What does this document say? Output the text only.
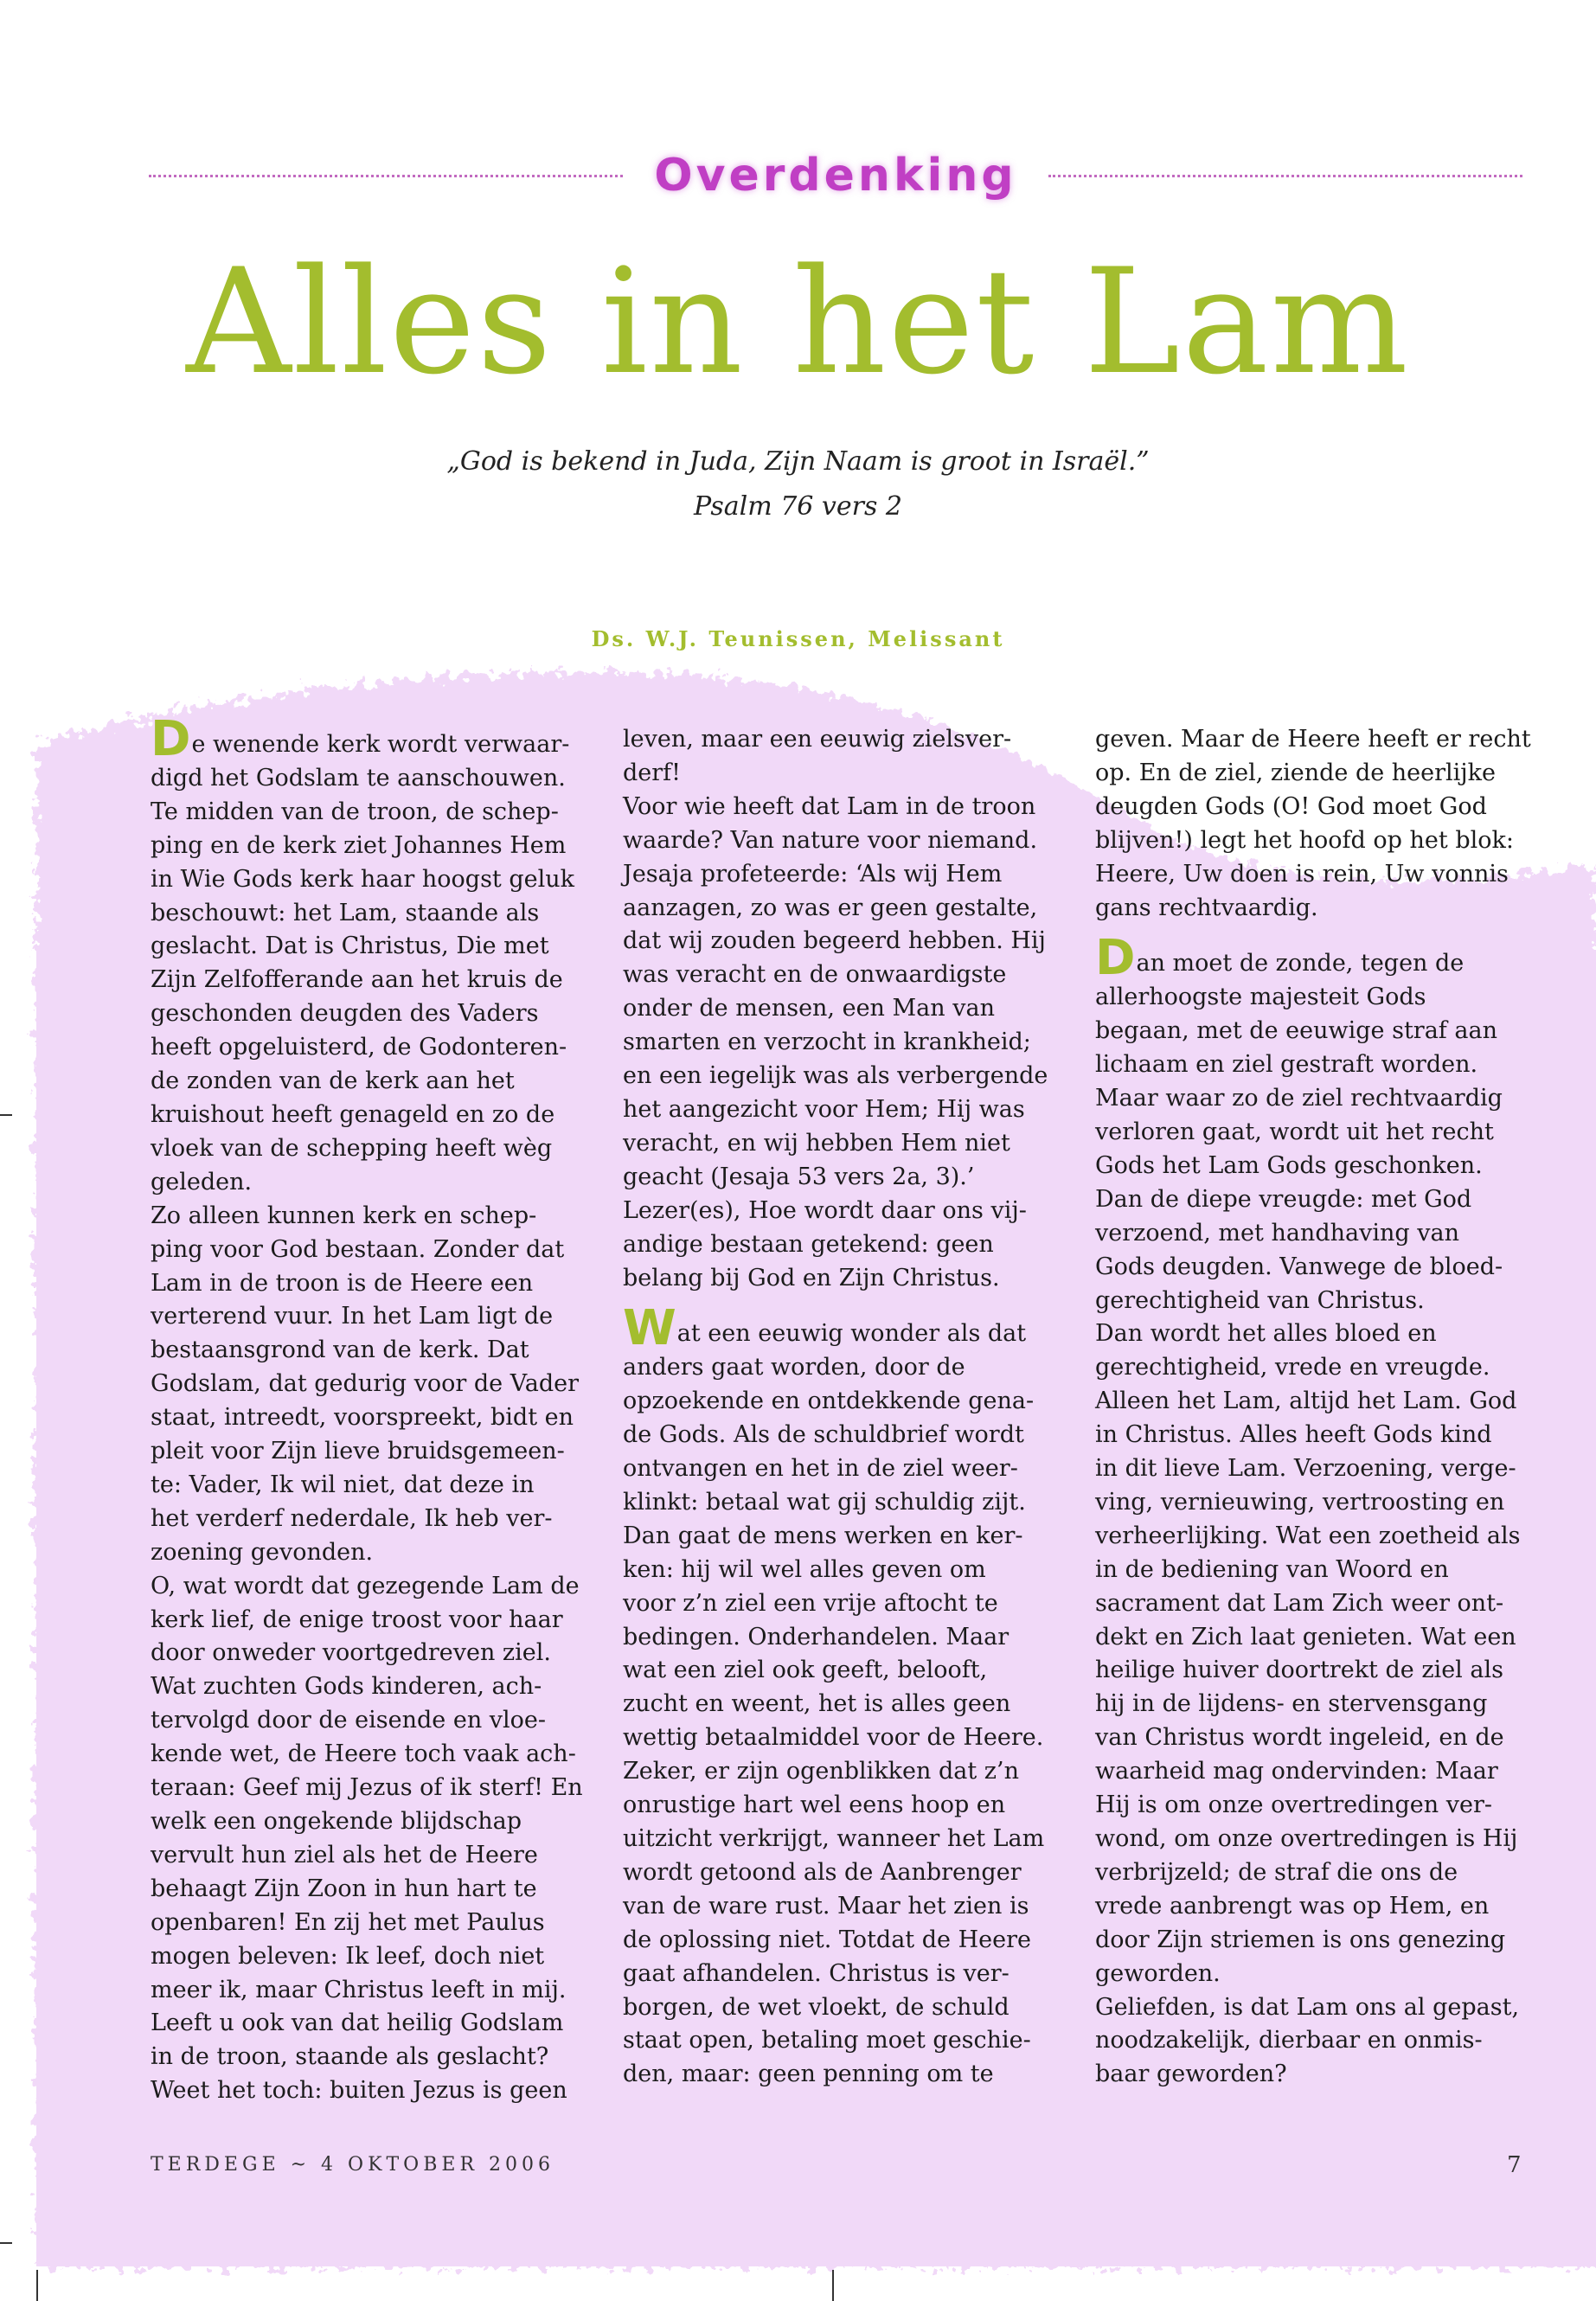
Overdenking
Alles in het Lam
„God is bekend in Juda, Zijn Naam is groot in Israël.”
Psalm 76 vers 2
Ds. W.J. Teunissen, Melissant

De wenende kerk wordt verwaar-
digd het Godslam te aanschouwen.
Te midden van de troon, de schep-
ping en de kerk ziet Johannes Hem
in Wie Gods kerk haar hoogst geluk
beschouwt: het Lam, staande als
geslacht. Dat is Christus, Die met
Zijn Zelfofferande aan het kruis de
geschonden deugden des Vaders
heeft opgeluisterd, de Godonteren-
de zonden van de kerk aan het
kruishout heeft genageld en zo de
vloek van de schepping heeft wèg
geleden.

Zo alleen kunnen kerk en schep-
ping voor God bestaan. Zonder dat
Lam in de troon is de Heere een
verterend vuur. In het Lam ligt de
bestaansgrond van de kerk. Dat
Godslam, dat gedurig voor de Vader
staat, intreedt, voorspreekt, bidt en
pleit voor Zijn lieve bruidsgemeen-
te: Vader, Ik wil niet, dat deze in
het verderf nederdale, Ik heb ver-
zoening gevonden.

O, wat wordt dat gezegende Lam de
kerk lief, de enige troost voor haar
door onweder voortgedreven ziel.
Wat zuchten Gods kinderen, ach-
tervolgd door de eisende en vloe-
kende wet, de Heere toch vaak ach-
teraan: Geef mij Jezus of ik sterf! En
welk een ongekende blijdschap
vervult hun ziel als het de Heere
behaagt Zijn Zoon in hun hart te
openbaren! En zij het met Paulus
mogen beleven: Ik leef, doch niet
meer ik, maar Christus leeft in mij.
Leeft u ook van dat heilig Godslam
in de troon, staande als geslacht?
Weet het toch: buiten Jezus is geen

leven, maar een eeuwig zielsver-
derf!
Voor wie heeft dat Lam in de troon
waarde? Van nature voor niemand.
Jesaja profeteerde: ‘Als wij Hem
aanzagen, zo was er geen gestalte,
dat wij zouden begeerd hebben. Hij
was veracht en de onwaardigste
onder de mensen, een Man van
smarten en verzocht in krankheid;
en een iegelijk was als verbergende
het aangezicht voor Hem; Hij was
veracht, en wij hebben Hem niet
geacht (Jesaja 53 vers 2a, 3).’
Lezer(es), Hoe wordt daar ons vij-
andige bestaan getekend: geen
belang bij God en Zijn Christus.

Wat een eeuwig wonder als dat
anders gaat worden, door de
opzoekende en ontdekkende gena-
de Gods. Als de schuldbrief wordt
ontvangen en het in de ziel weer-
klinkt: betaal wat gij schuldig zijt.
Dan gaat de mens werken en ker-
ken: hij wil wel alles geven om
voor z’n ziel een vrije aftocht te
bedingen. Onderhandelen. Maar
wat een ziel ook geeft, belooft,
zucht en weent, het is alles geen
wettig betaalmiddel voor de Heere.
Zeker, er zijn ogenblikken dat z’n
onrustige hart wel eens hoop en
uitzicht verkrijgt, wanneer het Lam
wordt getoond als de Aanbrenger
van de ware rust. Maar het zien is
de oplossing niet. Totdat de Heere
gaat afhandelen. Christus is ver-
borgen, de wet vloekt, de schuld
staat open, betaling moet geschie-
den, maar: geen penning om te

geven. Maar de Heere heeft er recht
op. En de ziel, ziende de heerlijke
deugden Gods (O! God moet God
blijven!) legt het hoofd op het blok:
Heere, Uw doen is rein, Uw vonnis
gans rechtvaardig.

Dan moet de zonde, tegen de
allerhoogste majesteit Gods
begaan, met de eeuwige straf aan
lichaam en ziel gestraft worden.
Maar waar zo de ziel rechtvaardig
verloren gaat, wordt uit het recht
Gods het Lam Gods geschonken.
Dan de diepe vreugde: met God
verzoend, met handhaving van
Gods deugden. Vanwege de bloed-
gerechtigheid van Christus.
Dan wordt het alles bloed en
gerechtigheid, vrede en vreugde.
Alleen het Lam, altijd het Lam. God
in Christus. Alles heeft Gods kind
in dit lieve Lam. Verzoening, verge-
ving, vernieuwing, vertroosting en
verheerlijking. Wat een zoetheid als
in de bediening van Woord en
sacrament dat Lam Zich weer ont-
dekt en Zich laat genieten. Wat een
heilige huiver doortrekt de ziel als
hij in de lijdens- en stervensgang
van Christus wordt ingeleid, en de
waarheid mag ondervinden: Maar
Hij is om onze overtredingen ver-
wond, om onze overtredingen is Hij
verbrijzeld; de straf die ons de
vrede aanbrengt was op Hem, en
door Zijn striemen is ons genezing
geworden.
Geliefden, is dat Lam ons al gepast,
noodzakelijk, dierbaar en onmis-
baar geworden?

TERDEGE ~ 4 OKTOBER 2006	7
